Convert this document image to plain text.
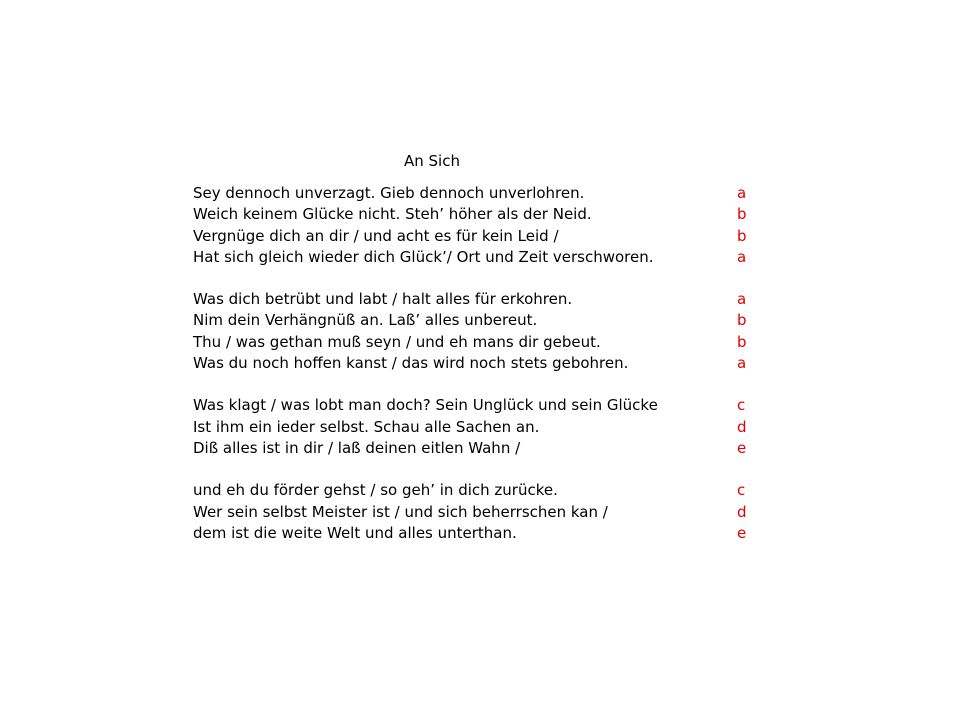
An Sich
Sey dennoch unverzagt. Gieb dennoch unverlohren.	a
Weich keinem Glücke nicht. Steh’ höher als der Neid.	b
Vergnüge dich an dir / und acht es für kein Leid /	b
Hat sich gleich wieder dich Glück’/ Ort und Zeit verschworen.	a
Was dich betrübt und labt / halt alles für erkohren.	a
Nim dein Verhängnüß an. Laß’ alles unbereut.	b
Thu / was gethan muß seyn / und eh mans dir gebeut.	b
Was du noch hoffen kanst / das wird noch stets gebohren.	a
Was klagt / was lobt man doch? Sein Unglück und sein Glücke	c
Ist ihm ein ieder selbst. Schau alle Sachen an.	d
Diß alles ist in dir / laß deinen eitlen Wahn /	e
und eh du förder gehst / so geh’ in dich zurücke.	c
Wer sein selbst Meister ist / und sich beherrschen kan /	d
dem ist die weite Welt und alles unterthan.	e
